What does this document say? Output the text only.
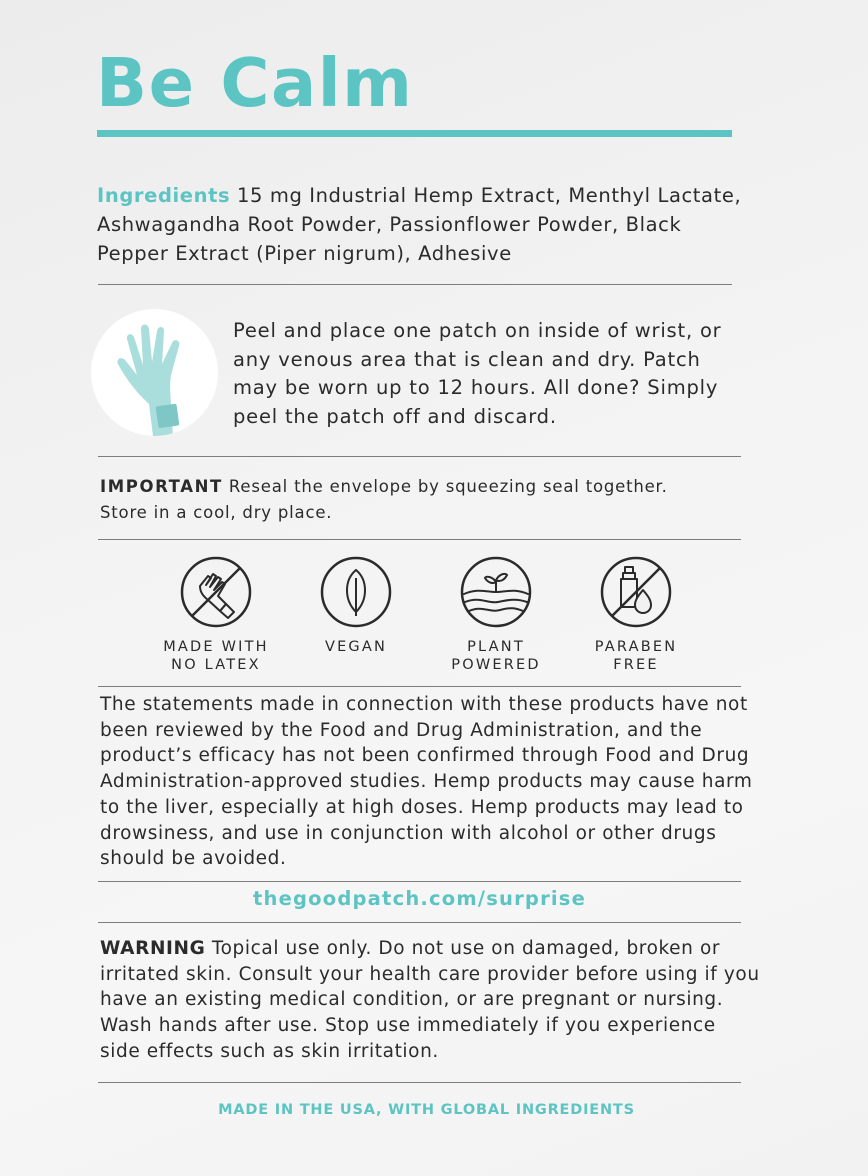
Be Calm
Ingredients 15 mg Industrial Hemp Extract, Menthyl Lactate, Ashwagandha Root Powder, Passionflower Powder, Black Pepper Extract (Piper nigrum), Adhesive
Peel and place one patch on inside of wrist, or any venous area that is clean and dry. Patch may be worn up to 12 hours. All done? Simply peel the patch off and discard.
IMPORTANT Reseal the envelope by squeezing seal together.
Store in a cool, dry place.
MADE WITH
NO LATEX
VEGAN	PLANT
POWERED
PARABEN
FREE
The statements made in connection with these products have not been reviewed by the Food and Drug Administration, and the product’s efficacy has not been confirmed through Food and Drug Administration-approved studies. Hemp products may cause harm to the liver, especially at high doses. Hemp products may lead to drowsiness, and use in conjunction with alcohol or other drugs should be avoided.
thegoodpatch.com/surprise
WARNING Topical use only. Do not use on damaged, broken or irritated skin. Consult your health care provider before using if you have an existing medical condition, or are pregnant or nursing. Wash hands after use. Stop use immediately if you experience side effects such as skin irritation.
MADE IN THE USA, WITH GLOBAL INGREDIENTS
